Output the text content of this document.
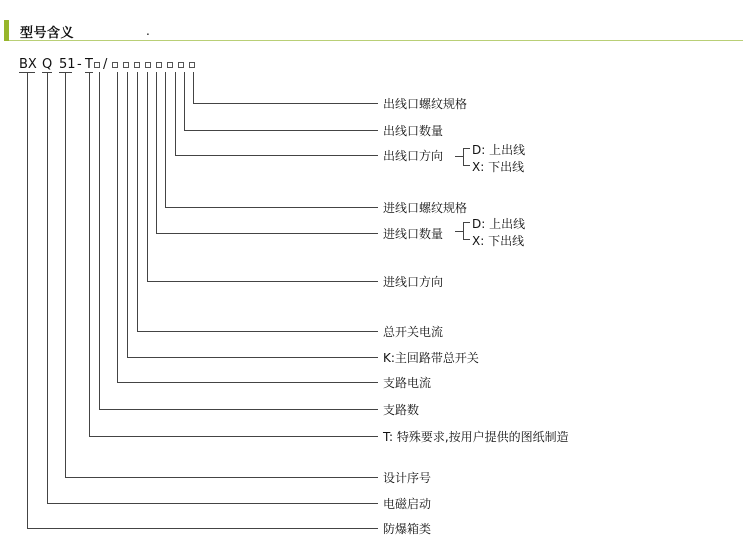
型号含义	.
BX Q 51 - T /
出线口螺纹规格
出线口数量
出线口方向
进线口螺纹规格
进线口数量
进线口方向
总开关电流
K:主回路带总开关
支路电流
支路数
T: 特殊要求,按用户提供的图纸制造
设计序号
电磁启动
防爆箱类
D: 上出线
X: 下出线
D: 上出线
X: 下出线
